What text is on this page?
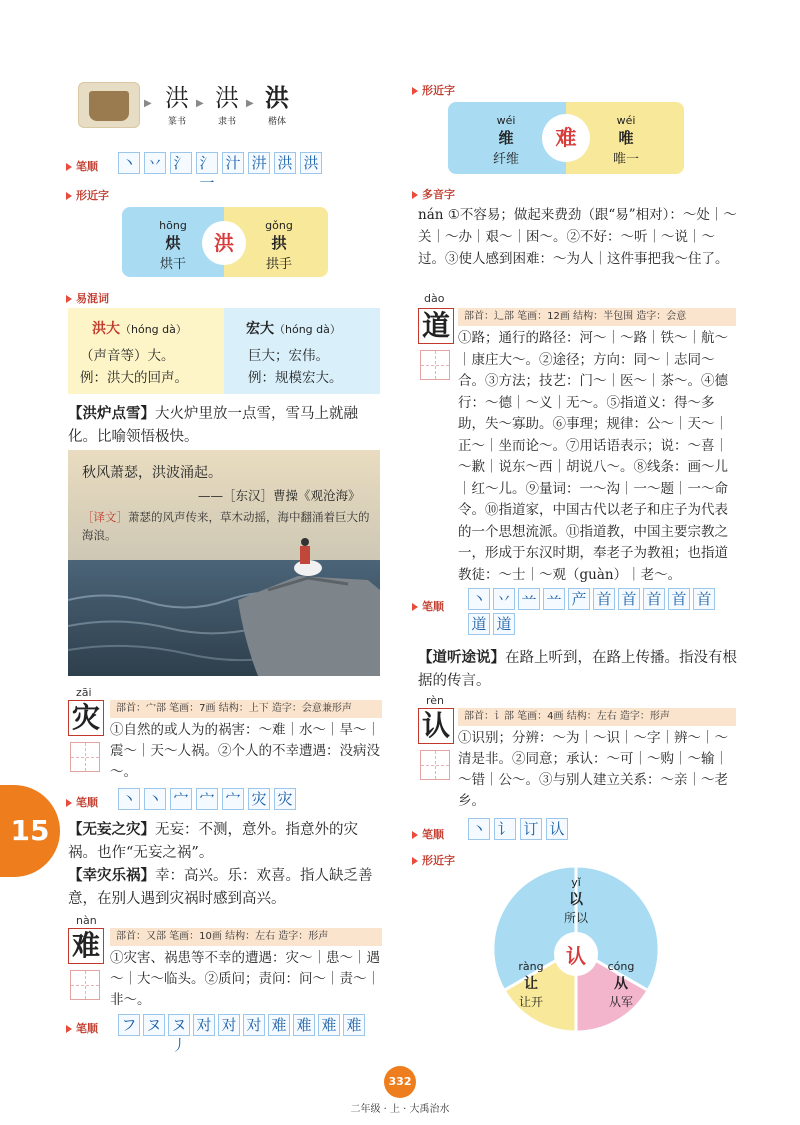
▶ 洪
篆书
▶ 洪
隶书
▶ 洪
楷体
笔顺 丶 丷 氵 氵一
汁 汫 洪 洪
形近字
hōng
烘
烘干
洪
gǒng
拱
拱手
易混词
洪大（hóng dà）
（声音等）大。
例：洪大的回声。
宏大（hóng dà）
巨大；宏伟。
例：规模宏大。
【洪炉点雪】大火炉里放一点雪，雪马上就融化。比喻领悟极快。
秋风萧瑟，洪波涌起。
——［东汉］曹操《观沧海》
［译文］萧瑟的风声传来，草木动摇，海中翻涌着巨大的海浪。
zāi
灾	部首：宀部 笔画：7画 结构：上下 造字：会意兼形声
①自然的或人为的祸害：～难｜水～｜旱～｜震～｜天～人祸。②个人的不幸遭遇：没病没～。
笔顺 丶 丶 宀 宀 宀 灾 灾
【无妄之灾】无妄：不测，意外。指意外的灾祸。也作“无妄之祸”。
【幸灾乐祸】幸：高兴。乐：欢喜。指人缺乏善意，在别人遇到灾祸时感到高兴。
nàn
难	部首：又部 笔画：10画 结构：左右 造字：形声
①灾害、祸患等不幸的遭遇：灾～｜患～｜遇～｜大～临头。②质问；责问：问～｜责～｜非～。
笔顺 フ ヌ ヌ丿
对 对 对 难 难 难 难
15
形近字
wéi
维
纤维
难
wéi
唯
唯一
多音字
nán ①不容易；做起来费劲（跟“易”相对）：～处｜～关｜～办｜艰～｜困～。②不好：～听｜～说｜～过。③使人感到困难：～为人｜这件事把我～住了。
dào
道	部首：辶部 笔画：12画 结构：半包围 造字：会意
①路；通行的路径：河～｜～路｜铁～｜航～｜康庄大～。②途径；方向：同～｜志同～合。③方法；技艺：门～｜医～｜茶～。④德行：～德｜～义｜无～。⑤指道义：得～多助，失～寡助。⑥事理；规律：公～｜天～｜正～｜坐而论～。⑦用话语表示；说：～喜｜～歉｜说东～西｜胡说八～。⑧线条：画～儿｜红～儿。⑨量词：一～沟｜一～题｜一～命令。⑩指道家，中国古代以老子和庄子为代表的一个思想流派。⑪指道教，中国主要宗教之一，形成于东汉时期，奉老子为教祖；也指道教徒：～士｜～观（guàn）｜老～。
笔顺 丶 丷 䒑 䒑 产 首 首 首 首 首
道 道
【道听途说】在路上听到，在路上传播。指没有根据的传言。
rèn
认	部首：讠部 笔画：4画 结构：左右 造字：形声
①识别；分辨：～为｜～识｜～字｜辨～｜～清是非。②同意；承认：～可｜～购｜～输｜～错｜公～。③与别人建立关系：～亲｜～老乡。
笔顺 丶 讠 订 认
形近字
yǐ
以
所以
认
ràng
让
让开
cóng
从
从军
332
二年级 · 上 · 大禹治水
